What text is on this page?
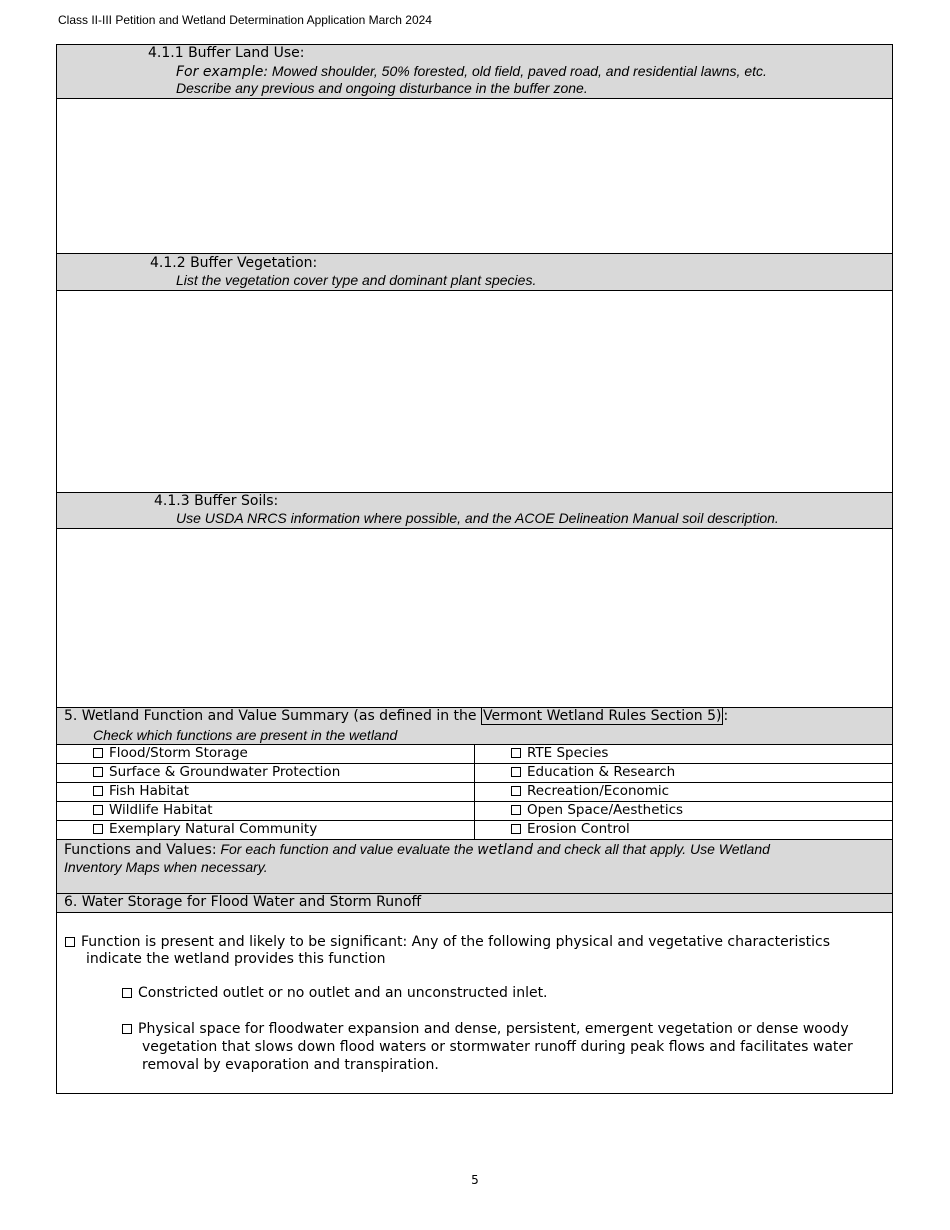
Class II-III Petition and Wetland Determination Application March 2024
4.1.1 Buffer Land Use:
For example: Mowed shoulder, 50% forested, old field, paved road, and residential lawns, etc.
Describe any previous and ongoing disturbance in the buffer zone.
4.1.2 Buffer Vegetation:
List the vegetation cover type and dominant plant species.
4.1.3 Buffer Soils:
Use USDA NRCS information where possible, and the ACOE Delineation Manual soil description.
5. Wetland Function and Value Summary (as defined in the Vermont Wetland Rules Section 5) :
Check which functions are present in the wetland
Flood/Storm Storage	RTE Species
Surface & Groundwater Protection	Education & Research
Fish Habitat	Recreation/Economic
Wildlife Habitat	Open Space/Aesthetics
Exemplary Natural Community	Erosion Control
Functions and Values: For each function and value evaluate the wetland and check all that apply. Use Wetland
Inventory Maps when necessary.
6. Water Storage for Flood Water and Storm Runoff
Function is present and likely to be significant: Any of the following physical and vegetative characteristics
indicate the wetland provides this function
Constricted outlet or no outlet and an unconstructed inlet.
Physical space for floodwater expansion and dense, persistent, emergent vegetation or dense woody
vegetation that slows down flood waters or stormwater runoff during peak flows and facilitates water
removal by evaporation and transpiration.
5
